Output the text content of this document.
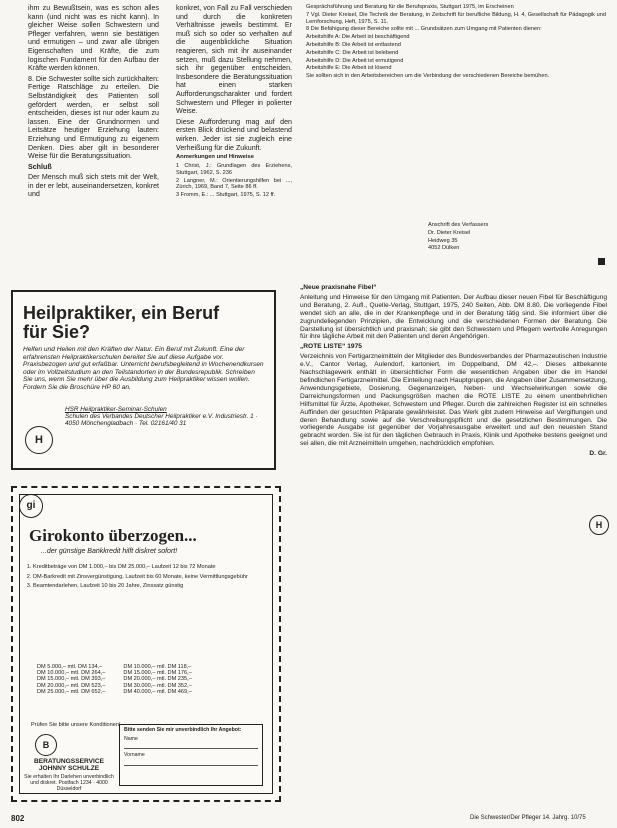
ihm zu Bewußtsein, was es schon alles kann (und nicht was es nicht kann). In gleicher Weise sollen Schwestern und Pfleger verfahren, wenn sie bestätigen und ermutigen – und zwar alle übrigen Eigenschaften und Kräfte, die zum logischen Fundament für den Aufbau der Kräfte werden können.

8. Die Schwester sollte sich zurückhalten: Fertige Ratschläge zu erteilen. Die Selbständigkeit des Patienten soll gefördert werden, er selbst soll entscheiden, dieses ist nur oder kaum zu lassen. Eine der Grundnormen und Leitsätze heutiger Erziehung lauten: Erziehung und Ermutigung zu eigenem Denken. Dies aber gilt in besonderer Weise für die Beratungssituation.

Schluß

Der Mensch muß sich stets mit der Welt, in der er lebt, auseinandersetzen, konkret und

konkret, von Fall zu Fall verschieden und durch die konkreten Verhältnisse jeweils bestimmt. Er muß sich so oder so verhalten auf die augenblickliche Situation reagieren, sich mit ihr auseinander setzen, muß dazu Stellung nehmen, sich ihr gegenüber entscheiden. Insbesondere die Beratungssituation hat einen starken Aufforderungscharakter und fordert Schwestern und Pfleger in polierter Weise.

Diese Aufforderung mag auf den ersten Blick drückend und belastend wirken. Jeder ist sie zugleich eine Verheißung für die Zukunft.

Anmerkungen und Hinweise

1 Christ, J.: Grundlagen des Erziehens, Stuttgart, 1962, S. 236
2 Langner, M.: Orientierungshilfen bei ..., Zürich, 1969, Band 7, Seite 86 ff.
3 Fromm, E.: ... Stuttgart, 1975, S. 12 ff.
Gesprächsführung und Beratung für die Berufspraxis, Stuttgart 1975, im Erscheinen
7 Vgl. Dieter Kreisel, Die Technik der Beratung, in Zeitschrift für berufliche Bildung, H. 4, Gesellschaft für Pädagogik und Lernforschung, Heft, 1975, S. 11.
8 Die Befähigung dieser Bereiche sollte mit ... Grundsätzen zum Umgang mit Patienten dienen:
Arbeitshilfe A: Die Arbeit ist beschäftigend
Arbeitshilfe B: Die Arbeit ist entlastend
Arbeitshilfe C: Die Arbeit ist belebend
Arbeitshilfe D: Die Arbeit ist ermutigend
Arbeitshilfe E: Die Arbeit ist lösend
Sie sollten sich in den Arbeitsbereichen um die Verbindung der verschiedenen Bereiche bemühen.
Anschrift des Verfassers
Dr. Dieter Kreisel
Heidweg 35
4052 Dülken

„Neue praxisnahe Fibel“

Anleitung und Hinweise für den Umgang mit Patienten. Der Aufbau dieser neuen Fibel für Beschäftigung und Beratung, 2. Aufl., Quelle-Verlag, Stuttgart, 1975, 240 Seiten, Abb. DM 8.80. Die vorliegende Fibel wendet sich an alle, die in der Krankenpflege und in der Beratung tätig sind. Sie informiert über die zugrundeliegenden Prinzipien, die Entwicklung und die verschiedenen Formen der Beratung. Die Darstellung ist übersichtlich und praxisnah; sie gibt den Schwestern und Pflegern wertvolle Anregungen für ihre tägliche Arbeit mit den Patienten und deren Angehörigen.

„ROTE LISTE“ 1975

Verzeichnis von Fertigarzneimitteln der Mitglieder des Bundesverbandes der Pharmazeutischen Industrie e.V., Cantor Verlag, Aulendorf, kartoniert, im Doppelband, DM 42,–. Dieses altbekannte Nachschlagewerk enthält in übersichtlicher Form die wesentlichen Angaben über die im Handel befindlichen Fertigarzneimittel. Die Einteilung nach Hauptgruppen, die Angaben über Zusammensetzung, Anwendungsgebiete, Dosierung, Gegenanzeigen, Neben- und Wechselwirkungen sowie die Darreichungsformen und Packungsgrößen machen die ROTE LISTE zu einem unentbehrlichen Hilfsmittel für Ärzte, Apotheker, Schwestern und Pfleger. Durch die zahlreichen Register ist ein schnelles Auffinden der gesuchten Präparate gewährleistet. Das Werk gibt zudem Hinweise auf Vergiftungen und deren Behandlung sowie auf die Verschreibungspflicht und die gesetzlichen Bestimmungen. Die vorliegende Ausgabe ist gegenüber der Vorjahresausgabe erweitert und auf den neuesten Stand gebracht worden. Sie ist für den täglichen Gebrauch in Praxis, Klinik und Apotheke bestens geeignet und sei allen, die mit Arzneimitteln umgehen, nachdrücklich empfohlen.

D. Gr.

H
Heilpraktiker, ein Beruf für Sie?
Helfen und Heilen mit den Kräften der Natur. Ein Beruf mit Zukunft. Eine der erfahrensten Heilpraktikerschulen bereitet Sie auf diese Aufgabe vor. Praxisbezogen und gut erfaßbar. Unterricht berufsbegleitend in Wochenendkursen oder im Vollzeitstudium an den Teilstandorten in der Bundesrepublik. Schreiben Sie uns, wenn Sie mehr über die Ausbildung zum Heilpraktiker wissen wollen. Fordern Sie die Broschüre HP 60 an.
H
HSR Heilpraktiker-Seminar-Schulen
Schulen des Verbandes Deutscher Heilpraktiker e.V. Industriestr. 1 · 4050 Mönchengladbach · Tel. 02161/40 31
gi
Girokonto überzogen...
...der günstige Bankkredit hilft diskret sofort!
1. Kreditbeträge von DM 1.000,– bis DM 25.000,– Laufzeit 12 bis 72 Monate
2. DM-Barkredit mit Zinsvergünstigung, Laufzeit bis 60 Monate, keine Vermittlungsgebühr
3. Beamtendarlehen, Laufzeit 10 bis 20 Jahre, Zinssatz günstig
DM 5.000,– mtl. DM 134,–
DM 10.000,– mtl. DM 264,–
DM 15.000,– mtl. DM 393,–
DM 20.000,– mtl. DM 523,–
DM 25.000,– mtl. DM 652,–
DM 10.000,– mtl. DM 118,–
DM 15.000,– mtl. DM 176,–
DM 20.000,– mtl. DM 235,–
DM 30.000,– mtl. DM 352,–
DM 40.000,– mtl. DM 469,–
Prüfen Sie bitte unsere Konditionen!
B
BERATUNGSSERVICE JOHNNY SCHULZE
Sie erhalten Ihr Darlehen unverbindlich und diskret. Postfach 1234 · 4000 Düsseldorf
Bitte senden Sie mir unverbindlich Ihr Angebot:
Name
Vorname
802	Die Schwester/Der Pfleger 14. Jahrg. 10/75
